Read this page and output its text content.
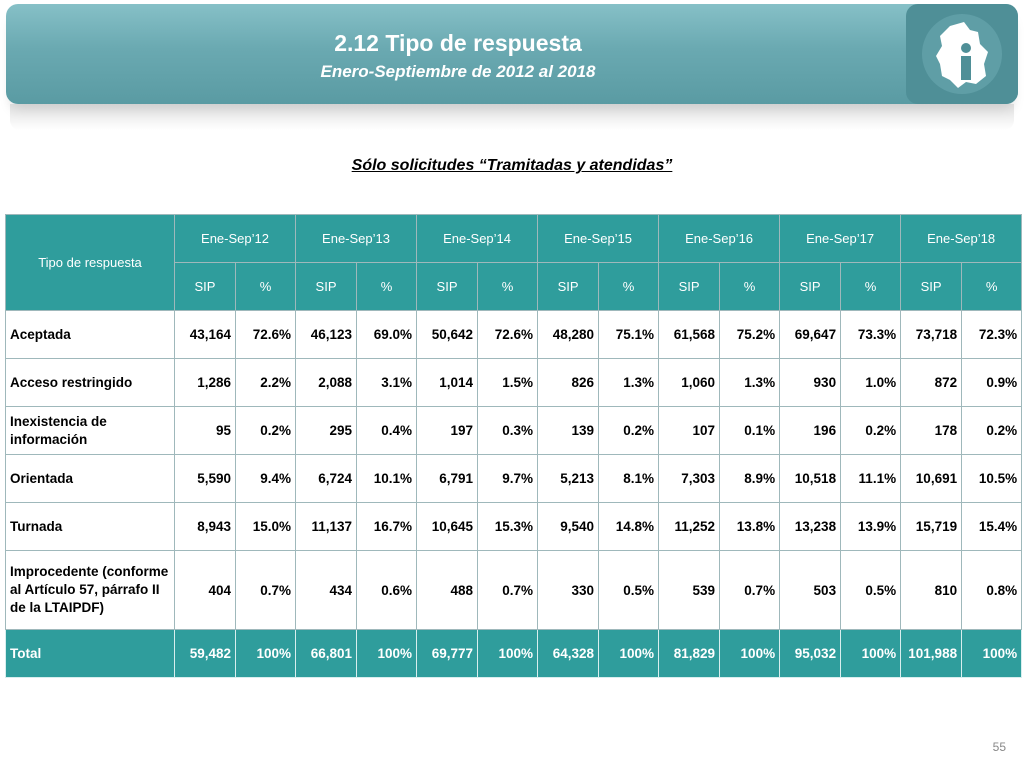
2.12 Tipo de respuesta
Enero-Septiembre de 2012 al 2018
Sólo solicitudes “Tramitadas y atendidas”
Tipo de respuesta	Ene-Sep’12		Ene-Sep’13		Ene-Sep’14		Ene-Sep’15		Ene-Sep’16		Ene-Sep’17		Ene-Sep’18	
	SIP	%	SIP	%	SIP	%	SIP	%	SIP	%	SIP	%	SIP	%
Aceptada	43,164	72.6%	46,123	69.0%	50,642	72.6%	48,280	75.1%	61,568	75.2%	69,647	73.3%	73,718	72.3%
Acceso restringido	1,286	2.2%	2,088	3.1%	1,014	1.5%	826	1.3%	1,060	1.3%	930	1.0%	872	0.9%
Inexistencia de información	95	0.2%	295	0.4%	197	0.3%	139	0.2%	107	0.1%	196	0.2%	178	0.2%
Orientada	5,590	9.4%	6,724	10.1%	6,791	9.7%	5,213	8.1%	7,303	8.9%	10,518	11.1%	10,691	10.5%
Turnada	8,943	15.0%	11,137	16.7%	10,645	15.3%	9,540	14.8%	11,252	13.8%	13,238	13.9%	15,719	15.4%
Improcedente (conforme al Artículo 57, párrafo II de la LTAIPDF)	404	0.7%	434	0.6%	488	0.7%	330	0.5%	539	0.7%	503	0.5%	810	0.8%
Total	59,482	100%	66,801	100%	69,777	100%	64,328	100%	81,829	100%	95,032	100%	101,988	100%
55
